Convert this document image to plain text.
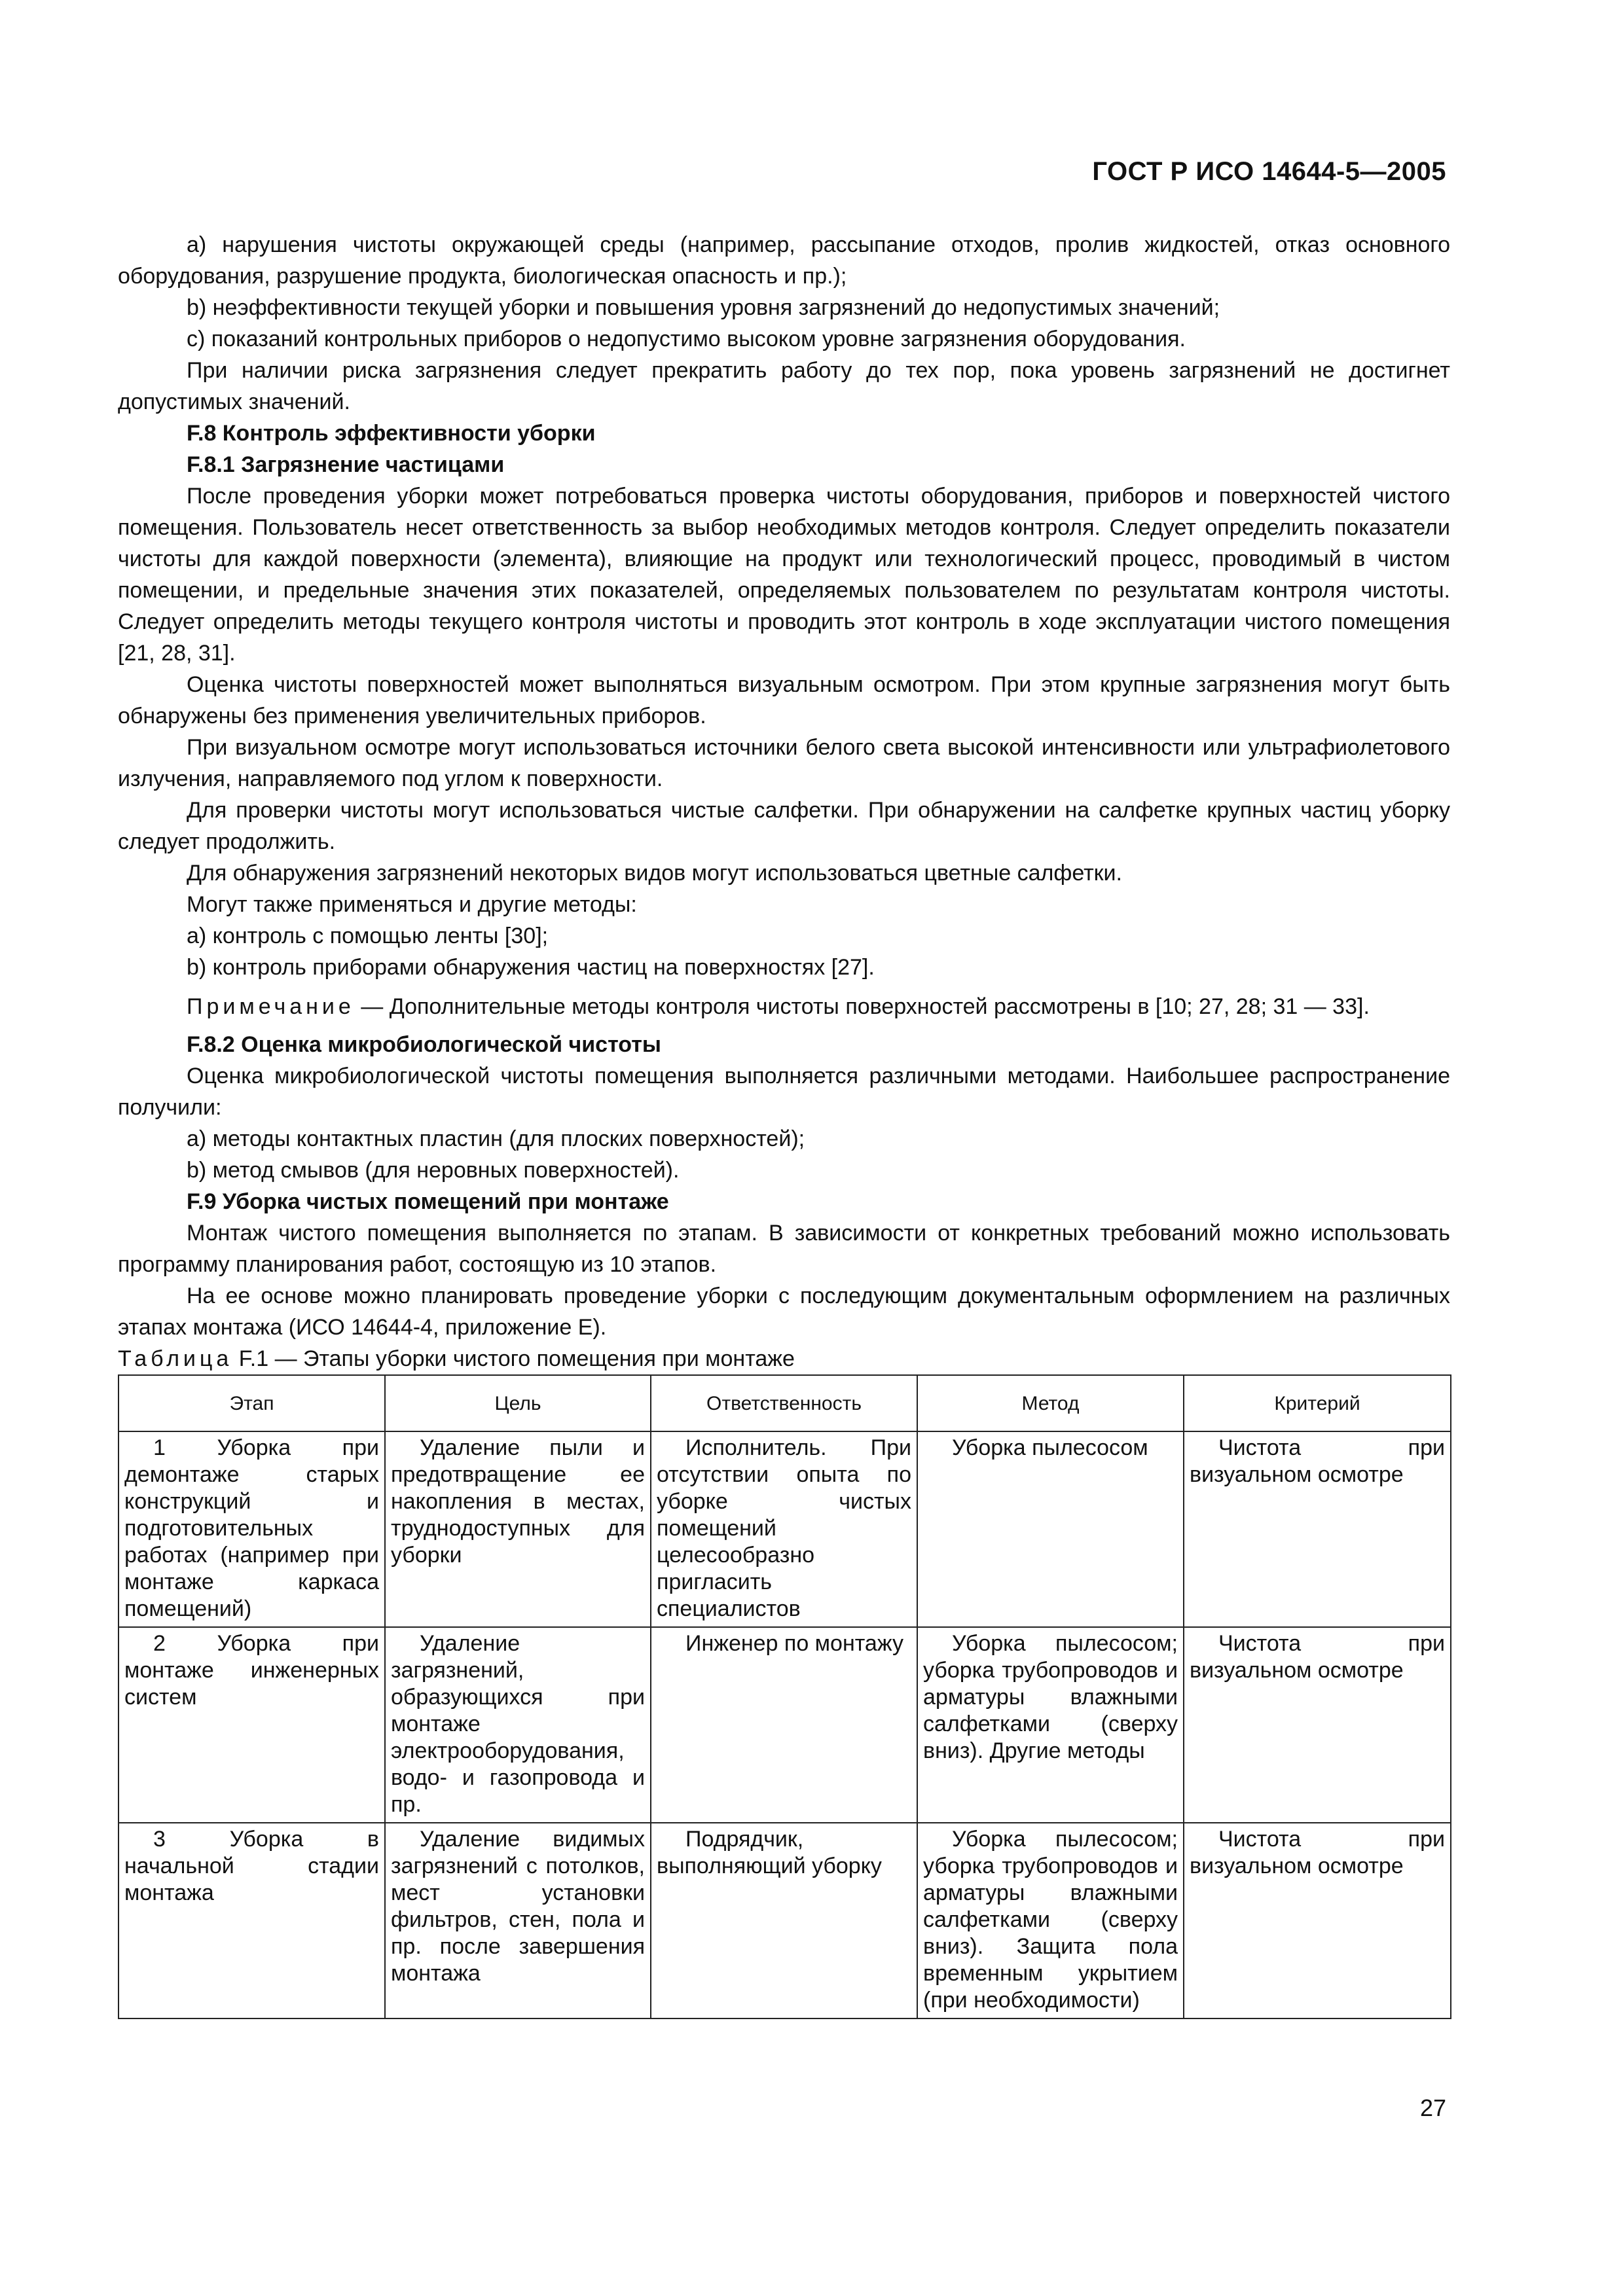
ГОСТ Р ИСО 14644-5—2005

а) нарушения чистоты окружающей среды (например, рассыпание отходов, пролив жидкостей, отказ основного оборудования, разрушение продукта, биологическая опасность и пр.);

b) неэффективности текущей уборки и повышения уровня загрязнений до недопустимых значений;

с) показаний контрольных приборов о недопустимо высоком уровне загрязнения оборудования.

При наличии риска загрязнения следует прекратить работу до тех пор, пока уровень загрязнений не достигнет допустимых значений.

F.8 Контроль эффективности уборки

F.8.1 Загрязнение частицами

После проведения уборки может потребоваться проверка чистоты оборудования, приборов и поверхностей чистого помещения. Пользователь несет ответственность за выбор необходимых методов контроля. Следует определить показатели чистоты для каждой поверхности (элемента), влияющие на продукт или технологический процесс, проводимый в чистом помещении, и предельные значения этих показателей, определяемых пользователем по результатам контроля чистоты. Следует определить методы текущего контроля чистоты и проводить этот контроль в ходе эксплуатации чистого помещения [21, 28, 31].

Оценка чистоты поверхностей может выполняться визуальным осмотром. При этом крупные загрязнения могут быть обнаружены без применения увеличительных приборов.

При визуальном осмотре могут использоваться источники белого света высокой интенсивности или ультрафиолетового излучения, направляемого под углом к поверхности.

Для проверки чистоты могут использоваться чистые салфетки. При обнаружении на салфетке крупных частиц уборку следует продолжить.

Для обнаружения загрязнений некоторых видов могут использоваться цветные салфетки.

Могут также применяться и другие методы:

а) контроль с помощью ленты [30];

b) контроль приборами обнаружения частиц на поверхностях [27].

Примечание — Дополнительные методы контроля чистоты поверхностей рассмотрены в [10; 27, 28; 31 — 33].

F.8.2 Оценка микробиологической чистоты

Оценка микробиологической чистоты помещения выполняется различными методами. Наибольшее распространение получили:

а) методы контактных пластин (для плоских поверхностей);

b) метод смывов (для неровных поверхностей).

F.9 Уборка чистых помещений при монтаже

Монтаж чистого помещения выполняется по этапам. В зависимости от конкретных требований можно использовать программу планирования работ, состоящую из 10 этапов.

На ее основе можно планировать проведение уборки с последующим документальным оформлением на различных этапах монтажа (ИСО 14644-4, приложение Е).

Таблица F.1 — Этапы уборки чистого помещения при монтаже

Этап	Цель	Ответственность	Метод	Критерий
1 Уборка при демонтаже старых конструкций и подготовительных работах (например при монтаже каркаса помещений)	Удаление пыли и предотвращение ее накопления в местах, труднодоступных для уборки	Исполнитель. При отсутствии опыта по уборке чистых помещений целесообразно пригласить специалистов	Уборка пылесосом	Чистота при визуальном осмотре
2 Уборка при монтаже инженерных систем	Удаление загрязнений, образующихся при монтаже электрооборудования, водо- и газопровода и пр.	Инженер по монтажу	Уборка пылесосом; уборка трубопроводов и арматуры влажными салфетками (сверху вниз). Другие методы	Чистота при визуальном осмотре
3 Уборка в начальной стадии монтажа	Удаление видимых загрязнений с потолков, мест установки фильтров, стен, пола и пр. после завершения монтажа	Подрядчик, выполняющий уборку	Уборка пылесосом; уборка трубопроводов и арматуры влажными салфетками (сверху вниз). Защита пола временным укрытием (при необходимости)	Чистота при визуальном осмотре
27
